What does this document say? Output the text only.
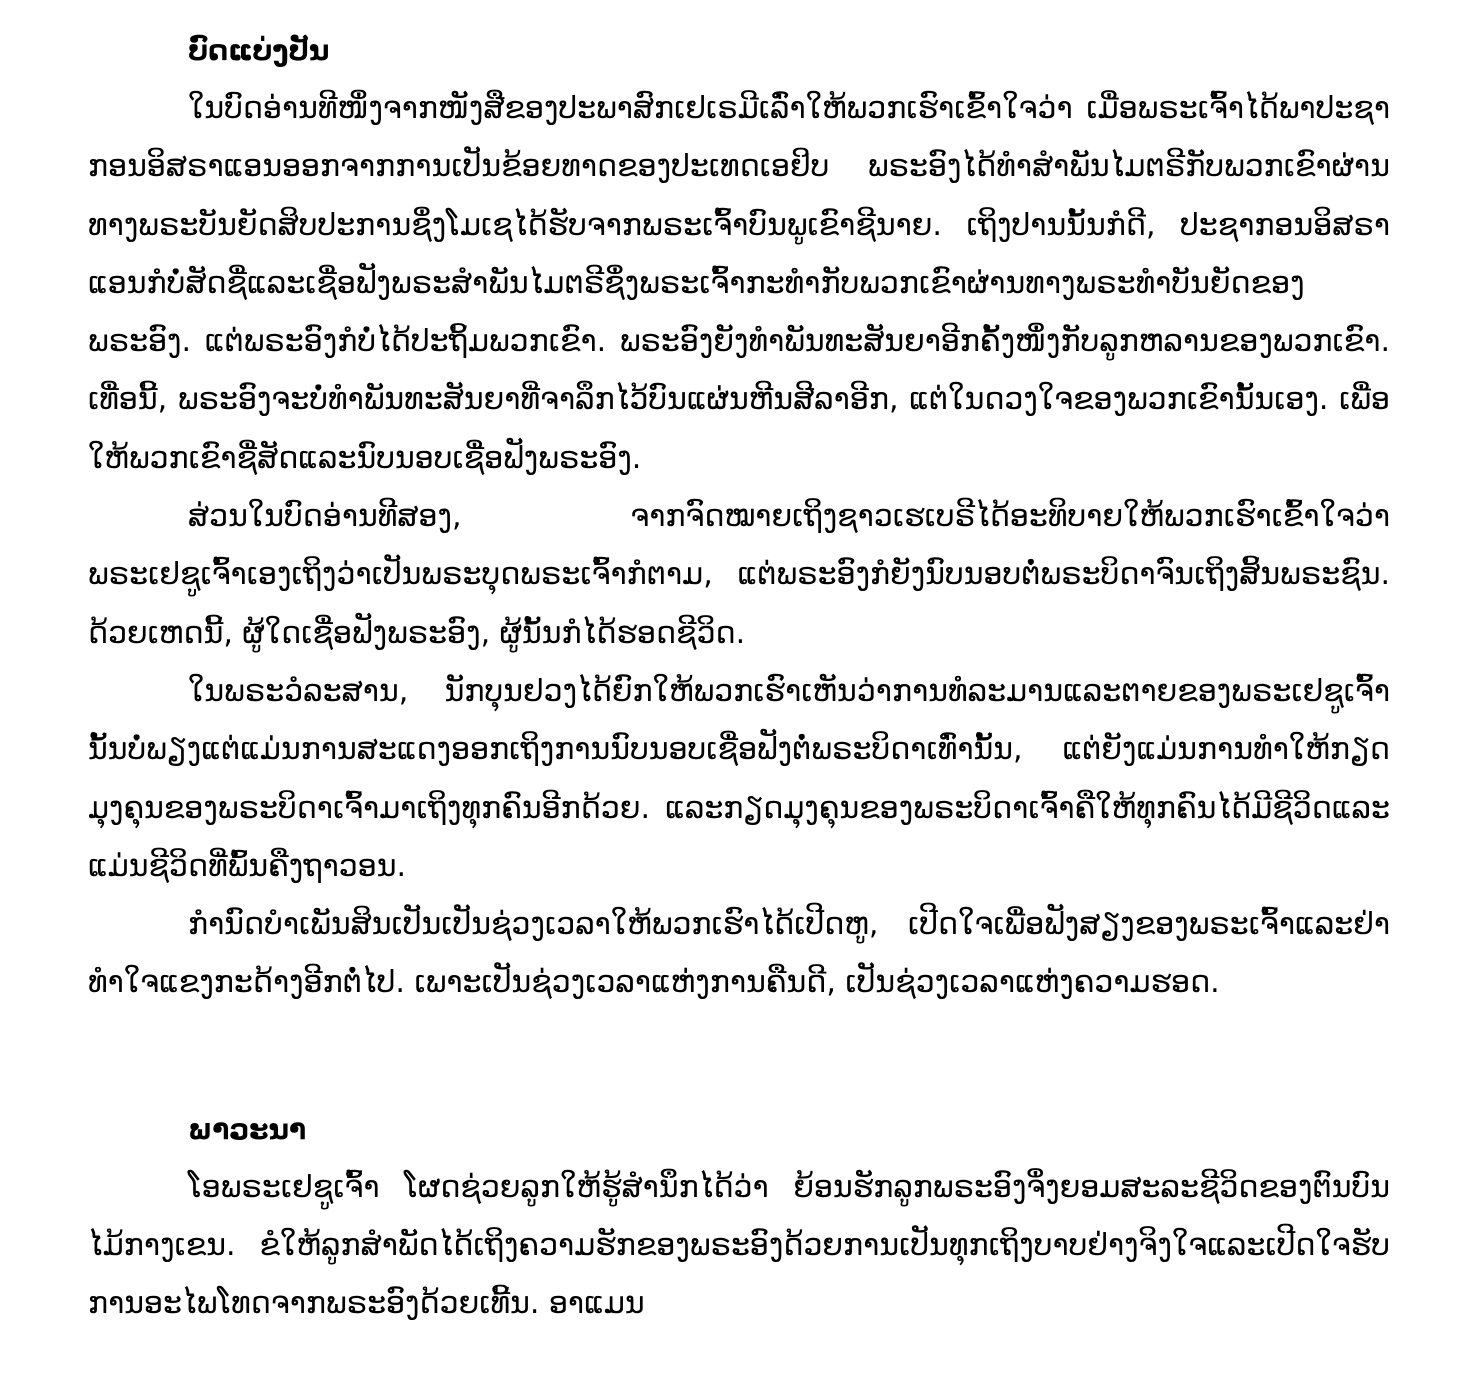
ບົດແບ່ງປັນ

ໃນບົດອ່ານທີໜຶ່ງຈາກໜັງສືຂອງປະພາສົກເຢເຣມີເລົ່າໃຫ້ພວກເຮົາເຂົ້າໃຈວ່າ ເມື່ອພຣະເຈົ້າໄດ້ພາປະຊາກອນອິສຣາແອນອອກຈາກການເປັນຂ້ອຍທາດຂອງປະເທດເອຢິບ ພຣະອົງໄດ້ທຳສຳພັນໄມຕຣີກັບພວກເຂົາຜ່ານທາງພຣະບັນຍັດສິບປະການຊຶ່ງໂມເຊໄດ້ຮັບຈາກພຣະເຈົ້າບົນພູເຂົາຊີນາຍ. ເຖິງປານນັ້ນກໍດີ, ປະຊາກອນອິສຣາແອນກໍບໍ່ສັດຊື່ແລະເຊື່ອຟັງພຣະສຳພັນໄມຕຣີຊຶ່ງພຣະເຈົ້າກະທຳກັບພວກເຂົາຜ່ານທາງພຣະທຳບັນຍັດຂອງພຣະອົງ. ແຕ່ພຣະອົງກໍບໍ່ໄດ້ປະຖິ້ມພວກເຂົາ. ພຣະອົງຍັງທຳພັນທະສັນຍາອີກຄັ້ງໜຶ່ງກັບລູກຫລານຂອງພວກເຂົາ. ເທື່ອນີ້, ພຣະອົງຈະບໍ່ທຳພັນທະສັນຍາທີ່ຈາລຶກໄວ້ບົນແຜ່ນຫີນສີລາອີກ, ແຕ່ໃນດວງໃຈຂອງພວກເຂົານັ້ນເອງ. ເພື່ອໃຫ້ພວກເຂົາຊື່ສັດແລະນົບນອບເຊື່ອຟັງພຣະອົງ.

ສ່ວນໃນບົດອ່ານທີສອງ, ຈາກຈົດໝາຍເຖິງຊາວເຮເບຣີໄດ້ອະທິບາຍໃຫ້ພວກເຮົາເຂົ້າໃຈວ່າ ພຣະເຢຊູເຈົ້າເອງເຖິງວ່າເປັນພຣະບຸດພຣະເຈົ້າກໍຕາມ, ແຕ່ພຣະອົງກໍຍັງນົບນອບຕໍ່ພຣະບິດາຈົນເຖິງສິ້ນພຣະຊົນ. ດ້ວຍເຫດນີ້, ຜູ້ໃດເຊື່ອຟັງພຣະອົງ, ຜູ້ນັ້ນກໍໄດ້ຮອດຊີວິດ.

ໃນພຣະວໍລະສານ, ນັກບຸນຢວງໄດ້ຍົກໃຫ້ພວກເຮົາເຫັນວ່າການທໍລະມານແລະຕາຍຂອງພຣະເຢຊູເຈົ້ານັ້ນບໍ່ພຽງແຕ່ແມ່ນການສະແດງອອກເຖິງການນົບນອບເຊື່ອຟັງຕໍ່ພຣະບິດາເທົ່ານັ້ນ, ແຕ່ຍັງແມ່ນການທຳໃຫ້ກຽດມຸງຄຸນຂອງພຣະບິດາເຈົ້າມາເຖິງທຸກຄົນອີກດ້ວຍ. ແລະກຽດມຸງຄຸນຂອງພຣະບິດາເຈົ້າຄືໃຫ້ທຸກຄົນໄດ້ມີຊີວິດແລະແມ່ນຊີວິດທີ່ພົ້ນຄືງຖາວອນ.

ກຳນົດບຳເພັນສິນເປັນເປັນຊ່ວງເວລາໃຫ້ພວກເຮົາໄດ້ເປີດຫູ, ເປີດໃຈເພື່ອຟັງສຽງຂອງພຣະເຈົ້າແລະຢ່າທຳໃຈແຂງກະດ້າງອີກຕໍ່ໄປ. ເພາະເປັນຊ່ວງເວລາແຫ່ງການຄືນດີ, ເປັນຊ່ວງເວລາແຫ່ງຄວາມຮອດ.

ພາວະນາ

ໂອພຣະເຢຊູເຈົ້າ ໂຜດຊ່ວຍລູກໃຫ້ຮູ້ສຳນຶກໄດ້ວ່າ ຍ້ອນຮັກລູກພຣະອົງຈຶ່ງຍອມສະລະຊີວິດຂອງຕົນບົນໄມ້ກາງເຂນ. ຂໍໃຫ້ລູກສຳພັດໄດ້ເຖິງຄວາມຮັກຂອງພຣະອົງດ້ວຍການເປັນທຸກເຖິງບາບຢ່າງຈິງໃຈແລະເປີດໃຈຮັບການອະໄພໂທດຈາກພຣະອົງດ້ວຍເທີ້ນ. ອາແມນ
